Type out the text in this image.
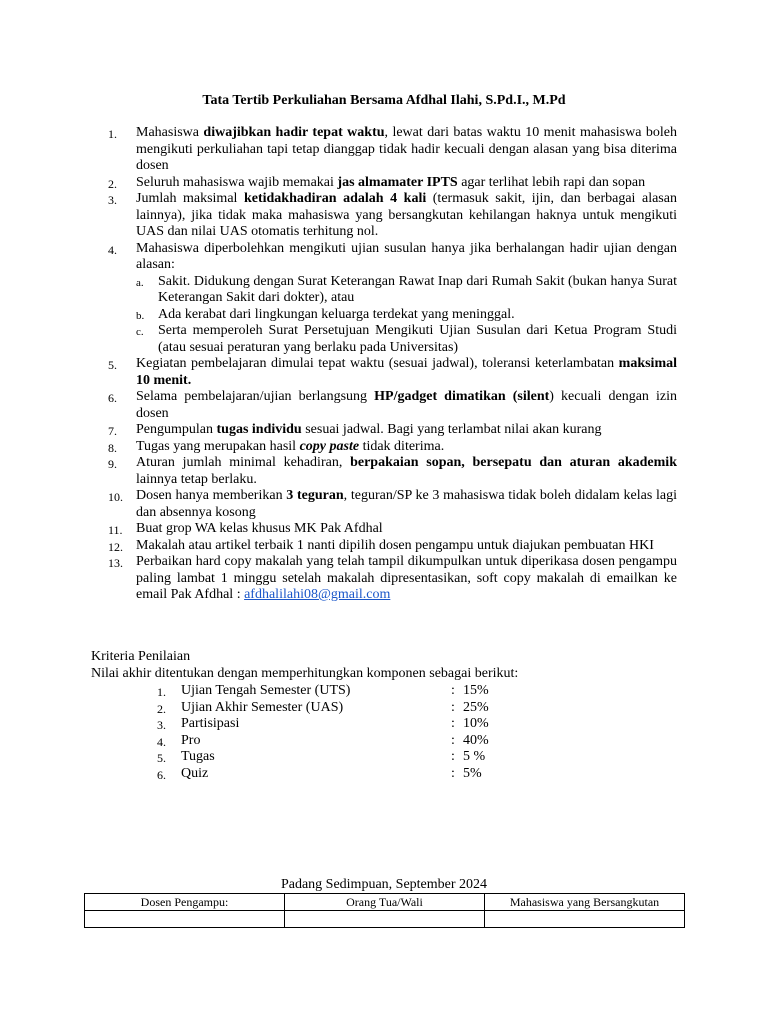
Tata Tertib Perkuliahan Bersama Afdhal Ilahi, S.Pd.I., M.Pd
1.	Mahasiswa diwajibkan hadir tepat waktu, lewat dari batas waktu 10 menit mahasiswa boleh mengikuti perkuliahan tapi tetap dianggap tidak hadir kecuali dengan alasan yang bisa diterima dosen
2.	Seluruh mahasiswa wajib memakai jas almamater IPTS agar terlihat lebih rapi dan sopan
3.	Jumlah maksimal ketidakhadiran adalah 4 kali (termasuk sakit, ijin, dan berbagai alasan lainnya), jika tidak maka mahasiswa yang bersangkutan kehilangan haknya untuk mengikuti UAS dan nilai UAS otomatis terhitung nol.
4.	Mahasiswa diperbolehkan mengikuti ujian susulan hanya jika berhalangan hadir ujian dengan alasan:
a. Sakit. Didukung dengan Surat Keterangan Rawat Inap dari Rumah Sakit (bukan hanya Surat Keterangan Sakit dari dokter), atau
b. Ada kerabat dari lingkungan keluarga terdekat yang meninggal.
c. Serta memperoleh Surat Persetujuan Mengikuti Ujian Susulan dari Ketua Program Studi (atau sesuai peraturan yang berlaku pada Universitas)
5.	Kegiatan pembelajaran dimulai tepat waktu (sesuai jadwal), toleransi keterlambatan maksimal 10 menit.
6.	Selama pembelajaran/ujian berlangsung HP/gadget dimatikan (silent) kecuali dengan izin dosen
7.	Pengumpulan tugas individu sesuai jadwal. Bagi yang terlambat nilai akan kurang
8.	Tugas yang merupakan hasil copy paste tidak diterima.
9.	Aturan jumlah minimal kehadiran, berpakaian sopan, bersepatu dan aturan akademik lainnya tetap berlaku.
10. Dosen hanya memberikan 3 teguran, teguran/SP ke 3 mahasiswa tidak boleh didalam kelas lagi dan absennya kosong
11. Buat grop WA kelas khusus MK Pak Afdhal
12. Makalah atau artikel terbaik 1 nanti dipilih dosen pengampu untuk diajukan pembuatan HKI
13. Perbaikan hard copy makalah yang telah tampil dikumpulkan untuk diperikasa dosen pengampu paling lambat 1 minggu setelah makalah dipresentasikan, soft copy makalah di emailkan ke email Pak Afdhal : afdhalilahi08@gmail.com
Kriteria Penilaian
Nilai akhir ditentukan dengan memperhitungkan komponen sebagai berikut:
1. Ujian Tengah Semester (UTS)	: 15%
2. Ujian Akhir Semester (UAS)	: 25%
3. Partisipasi	: 10%
4. Pro	: 40%
5. Tugas	: 5 %
6. Quiz	: 5%
Padang Sedimpuan, September 2024
Dosen Pengampu:	Orang Tua/Wali	Mahasiswa yang Bersangkutan
